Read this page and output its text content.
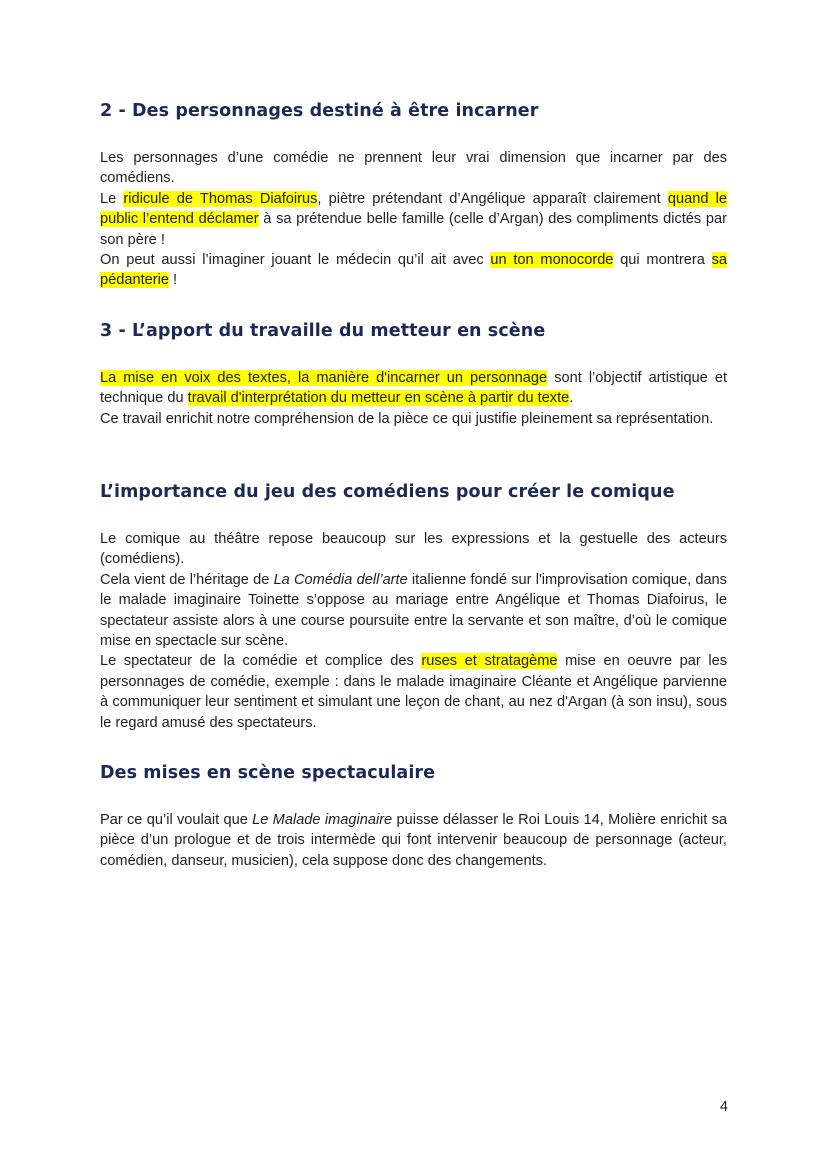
2 - Des personnages destiné à être incarner

Les personnages d’une comédie ne prennent leur vrai dimension que incarner par des comédiens.

Le ridicule de Thomas Diafoirus, piètre prétendant d’Angélique apparaît clairement quand le public l’entend déclamer à sa prétendue belle famille (celle d’Argan) des compliments dictés par son père !

On peut aussi l’imaginer jouant le médecin qu’il ait avec un ton monocorde qui montrera sa pédanterie !

3 - L’apport du travaille du metteur en scène

La mise en voix des textes, la manière d'incarner un personnage sont l’objectif artistique et technique du travail d'interprétation du metteur en scène à partir du texte.

Ce travail enrichit notre compréhension de la pièce ce qui justifie pleinement sa représentation.

L’importance du jeu des comédiens pour créer le comique

Le comique au théâtre repose beaucoup sur les expressions et la gestuelle des acteurs (comédiens).

Cela vient de l’héritage de La Comédia dell’arte italienne fondé sur l'improvisation comique, dans le malade imaginaire Toinette s’oppose au mariage entre Angélique et Thomas Diafoirus, le spectateur assiste alors à une course poursuite entre la servante et son maître, d’où le comique mise en spectacle sur scène.

Le spectateur de la comédie et complice des ruses et stratagème mise en oeuvre par les personnages de comédie, exemple : dans le malade imaginaire Cléante et Angélique parvienne à communiquer leur sentiment et simulant une leçon de chant, au nez d'Argan (à son insu), sous le regard amusé des spectateurs.

Des mises en scène spectaculaire

Par ce qu’il voulait que Le Malade imaginaire puisse délasser le Roi Louis 14, Molière enrichit sa pièce d’un prologue et de trois intermède qui font intervenir beaucoup de personnage (acteur, comédien, danseur, musicien), cela suppose donc des changements.

4
